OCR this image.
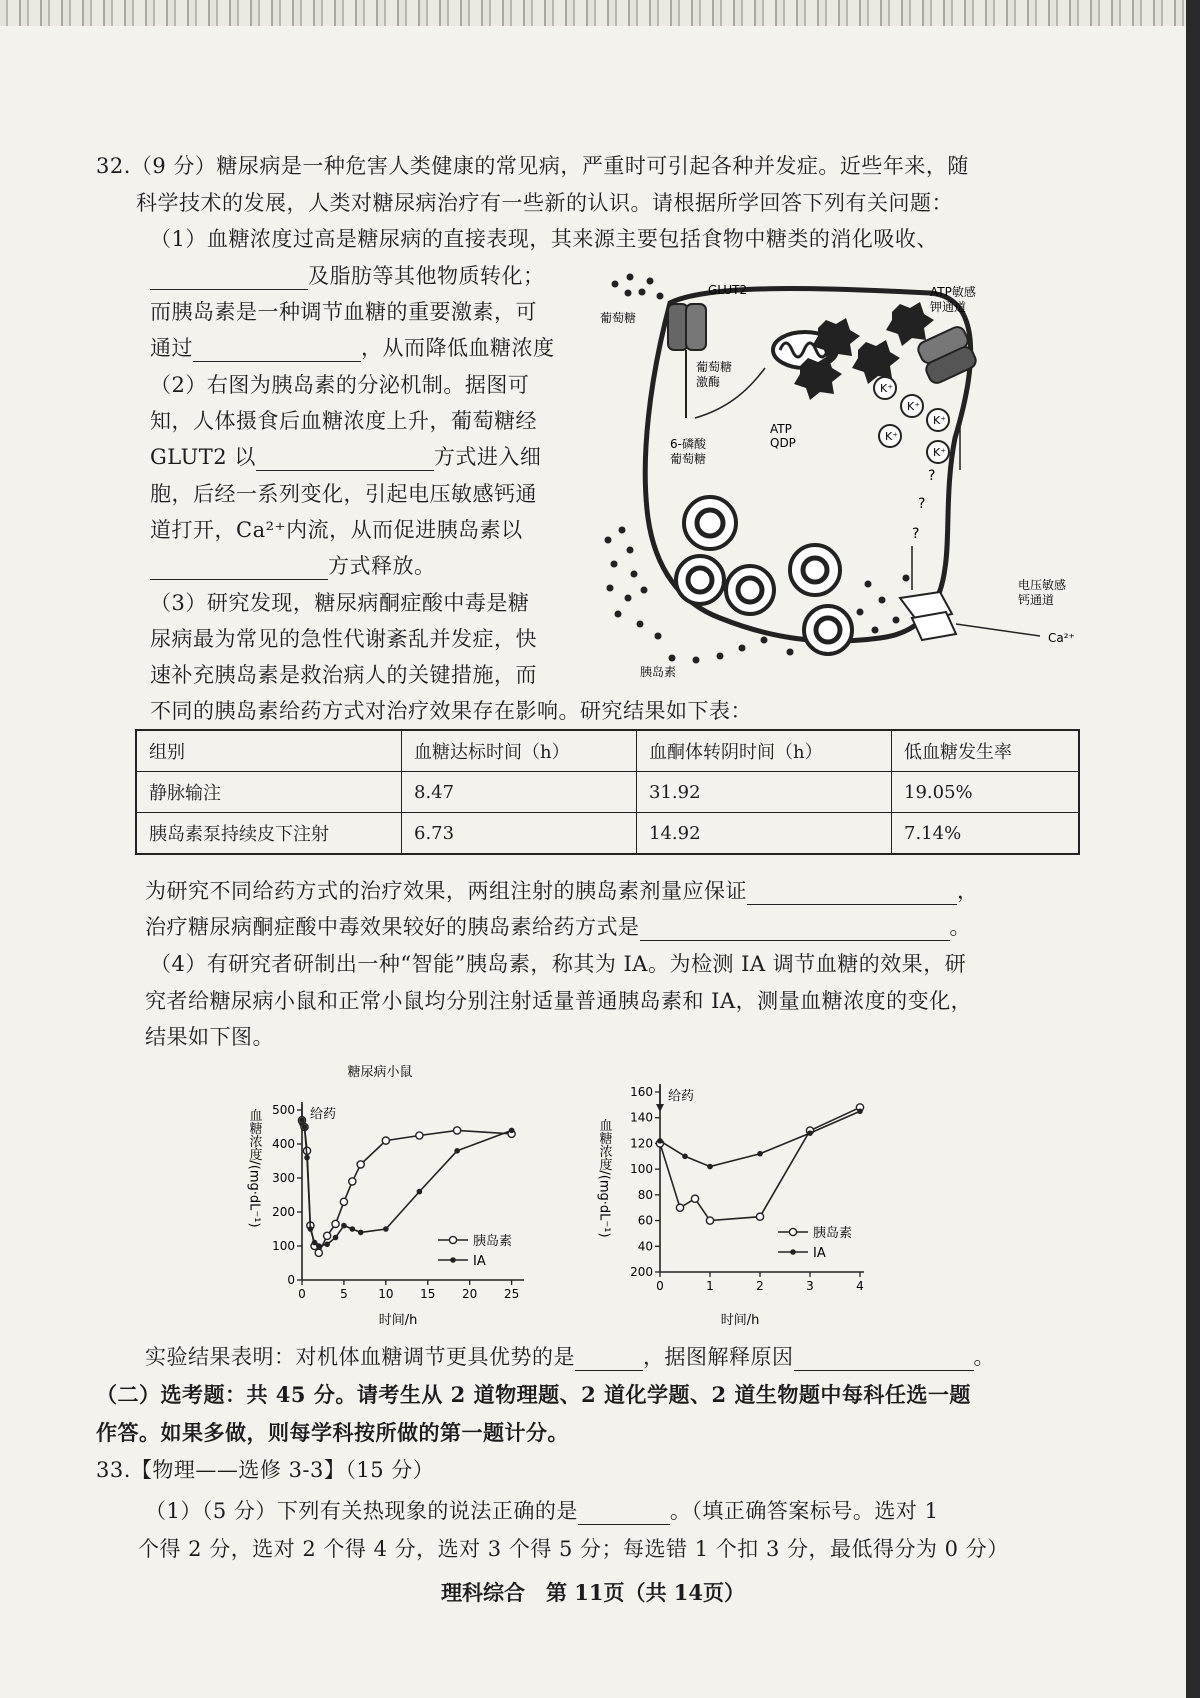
32.（9 分）糖尿病是一种危害人类健康的常见病，严重时可引起各种并发症。近些年来，随
科学技术的发展，人类对糖尿病治疗有一些新的认识。请根据所学回答下列有关问题：
（1）血糖浓度过高是糖尿病的直接表现，其来源主要包括食物中糖类的消化吸收、
及脂肪等其他物质转化；
而胰岛素是一种调节血糖的重要激素，可
通过	，从而降低血糖浓度
（2）右图为胰岛素的分泌机制。据图可
知，人体摄食后血糖浓度上升，葡萄糖经
GLUT2 以	方式进入细
胞，后经一系列变化，引起电压敏感钙通
道打开，Ca²⁺内流，从而促进胰岛素以
方式释放。
（3）研究发现，糖尿病酮症酸中毒是糖
尿病最为常见的急性代谢紊乱并发症，快
速补充胰岛素是救治病人的关键措施，而
不同的胰岛素给药方式对治疗效果存在影响。研究结果如下表：
葡萄糖
GLUT2
葡萄糖激酶
6-磷酸葡萄糖
ATP QDP
ATP敏感钾通道
K⁺
K⁺
K⁺
K⁺
K⁺
?
?
?
电压敏感钙通道
Ca²⁺
胰岛素
组别	血糖达标时间（h）	血酮体转阴时间（h）	低血糖发生率
静脉输注	8.47	31.92	19.05%
胰岛素泵持续皮下注射	6.73	14.92	7.14%
为研究不同给药方式的治疗效果，两组注射的胰岛素剂量应保证	，
治疗糖尿病酮症酸中毒效果较好的胰岛素给药方式是	。
（4）有研究者研制出一种“智能”胰岛素，称其为 IA。为检测 IA 调节血糖的效果，研
究者给糖尿病小鼠和正常小鼠均分别注射适量普通胰岛素和 IA，测量血糖浓度的变化，
结果如下图。
糖尿病小鼠
血糖浓度/(mg·dL⁻¹)
时间/h
0
100
200
300
400
500
0	5	10 15 20 25
给药
胰岛素
IA
血糖浓度/(mg·dL⁻¹)
时间/h
200
40
60
80
100
120
140
160
0	1	2	3	4
给药
胰岛素
IA
实验结果表明：对机体血糖调节更具优势的是	，据图解释原因	。
（二）选考题：共 45 分。请考生从 2 道物理题、2 道化学题、2 道生物题中每科任选一题
作答。如果多做，则每学科按所做的第一题计分。
33.【物理——选修 3-3】（15 分）
（1）（5 分）下列有关热现象的说法正确的是	。（填正确答案标号。选对 1
个得 2 分，选对 2 个得 4 分，选对 3 个得 5 分；每选错 1 个扣 3 分，最低得分为 0 分）
理科综合　第 11页（共 14页）
